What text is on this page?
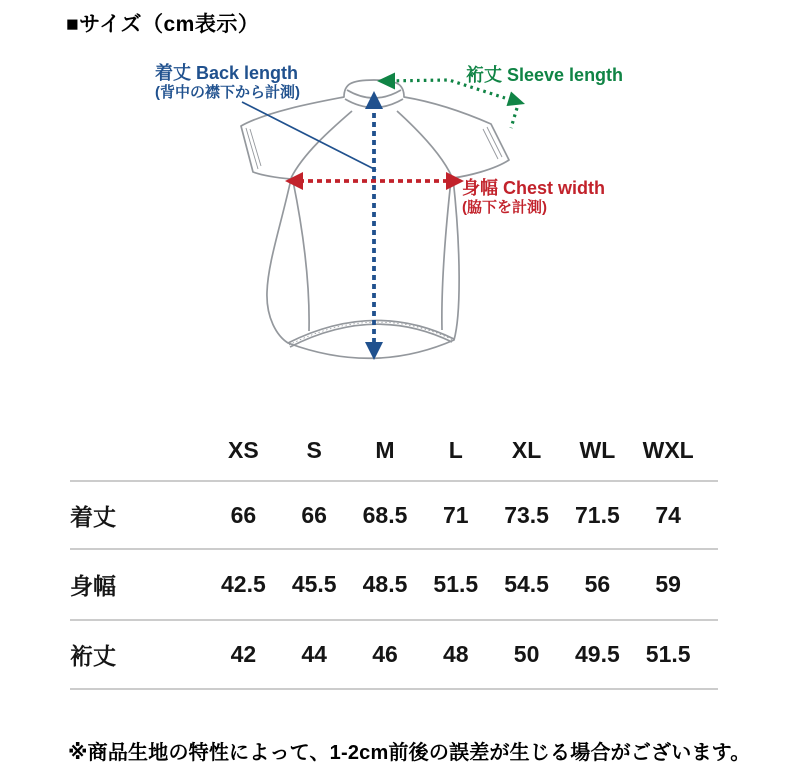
■サイズ（cm表示）
着丈 Back length
(背中の襟下から計測)
裄丈 Sleeve length
身幅 Chest width
(脇下を計測)
XS	S	M	L	XL	WL	WXL
着丈	66	66	68.5	71	73.5	71.5	74
身幅	42.5	45.5	48.5	51.5	54.5	56	59
裄丈	42	44	46	48	50	49.5	51.5

※商品生地の特性によって、1-2cm前後の誤差が生じる場合がございます。
